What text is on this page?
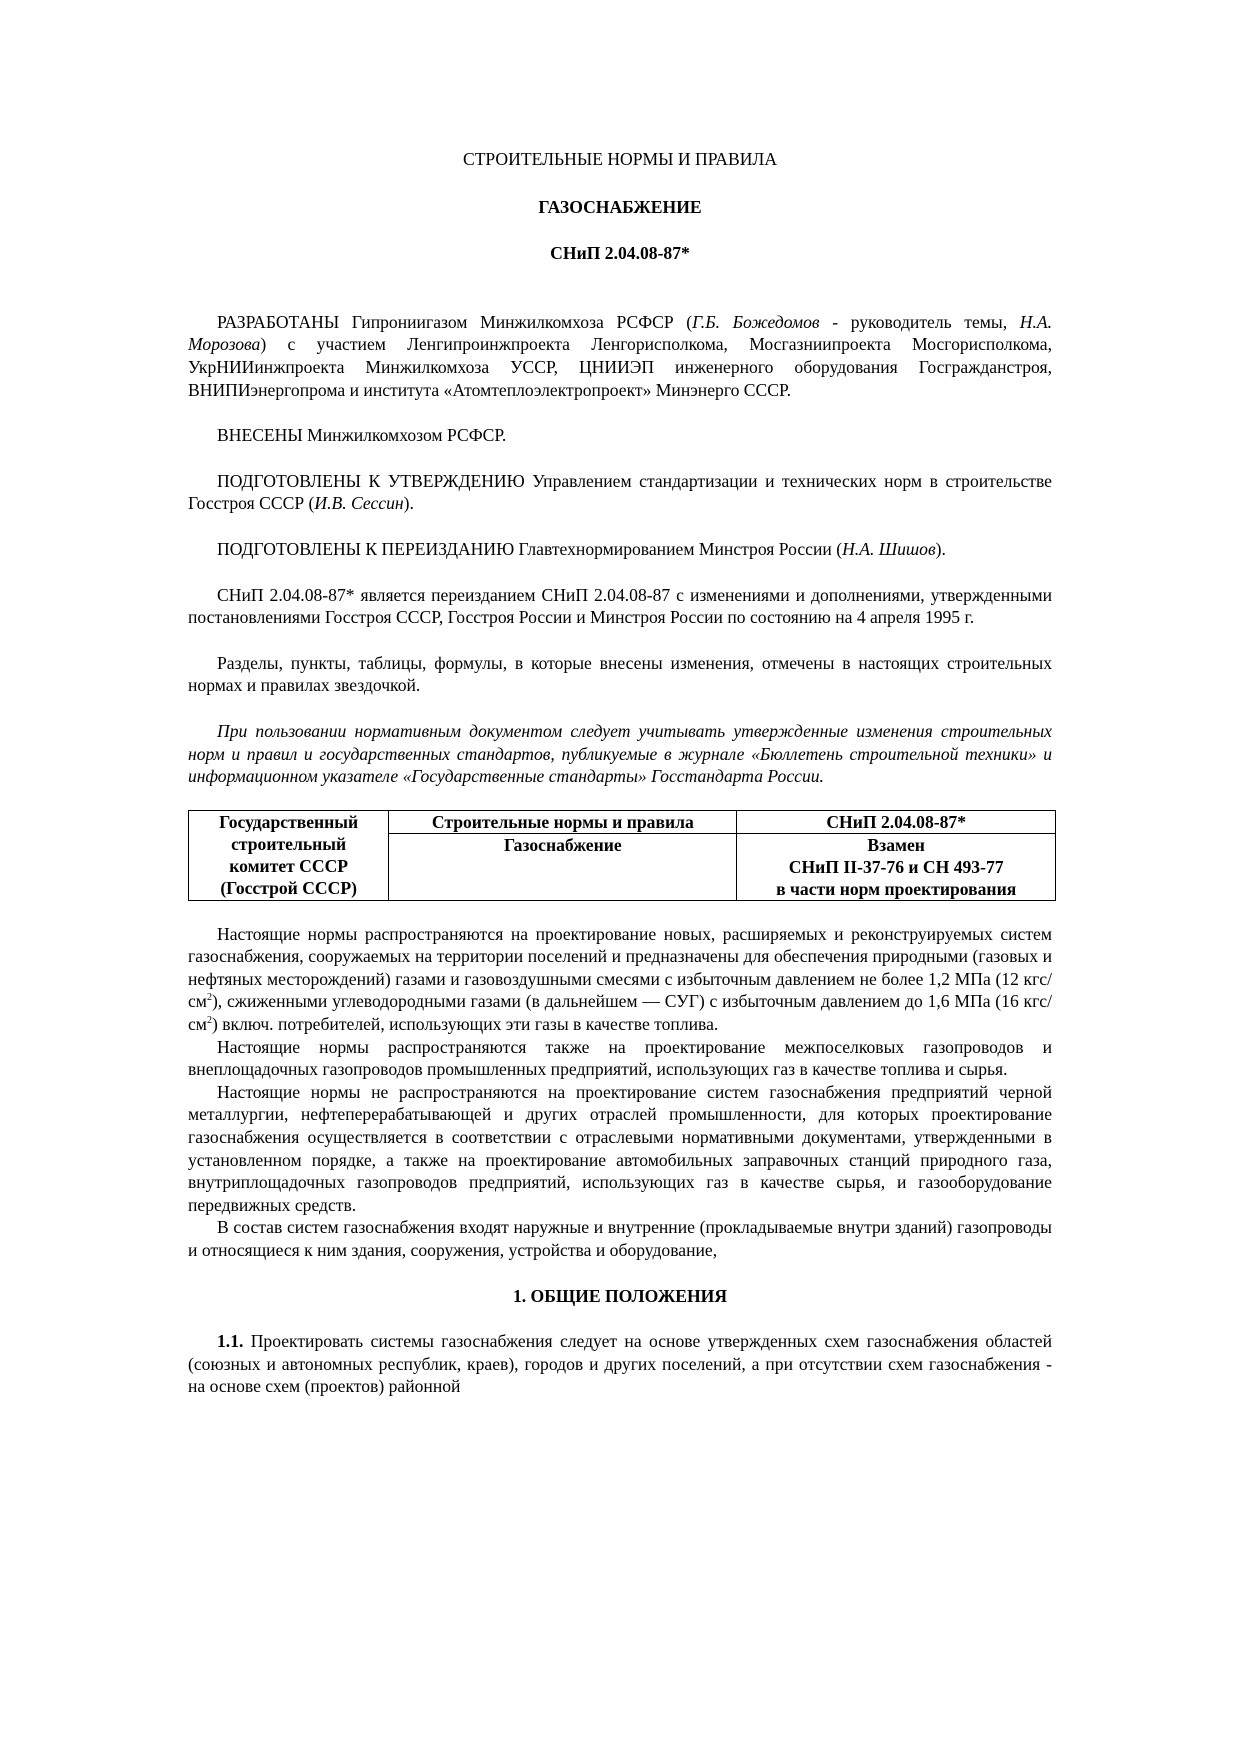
СТРОИТЕЛЬНЫЕ НОРМЫ И ПРАВИЛА
ГАЗОСНАБЖЕНИЕ
СНиП 2.04.08-87*

РАЗРАБОТАНЫ Гипрониигазом Минжилкомхоза РСФСР (Г.Б. Божедомов - руководитель темы, Н.А. Морозова) с участием Ленгипроинжпроекта Ленгорисполкома, Мосгазниипроекта Мосгорисполкома, УкрНИИинжпроекта Минжилкомхоза УССР, ЦНИИЭП инженерного оборудования Госгражданстроя, ВНИПИэнергопрома и института «Атомтеплоэлектропроект» Минэнерго СССР.

ВНЕСЕНЫ Минжилкомхозом РСФСР.

ПОДГОТОВЛЕНЫ К УТВЕРЖДЕНИЮ Управлением стандартизации и технических норм в строительстве Госстроя СССР (И.В. Сессин).

ПОДГОТОВЛЕНЫ К ПЕРЕИЗДАНИЮ Главтехнормированием Минстроя России (Н.А. Шишов).

СНиП 2.04.08-87* является переизданием СНиП 2.04.08-87 с изменениями и дополнениями, утвержденными постановлениями Госстроя СССР, Госстроя России и Минстроя России по состоянию на 4 апреля 1995 г.

Разделы, пункты, таблицы, формулы, в которые внесены изменения, отмечены в настоящих строительных нормах и правилах звездочкой.

При пользовании нормативным документом следует учитывать утвержденные изменения строительных норм и правил и государственных стандартов, публикуемые в журнале «Бюллетень строительной техники» и информационном указателе «Государственные стандарты» Госстандарта России.

Государственный
строительный
комитет СССР
(Госстрой СССР)	Строительные нормы и правила	СНиП 2.04.08-87*
	Газоснабжение	Взамен
СНиП II-37-76 и СН 493-77
в части норм проектирования

Настоящие нормы распространяются на проектирование новых, расширяемых и реконструируемых систем газоснабжения, сооружаемых на территории поселений и предназначены для обеспечения природными (газовых и нефтяных месторождений) газами и газовоздушными смесями с избыточным давлением не более 1,2 МПа (12 кгс/$см^2$), сжиженными углеводородными газами (в дальнейшем — СУГ) с избыточным давлением до 1,6 МПа (16 кгс/$см^2$) включ. потребителей, использующих эти газы в качестве топлива.

Настоящие нормы распространяются также на проектирование межпоселковых газопроводов и внеплощадочных газопроводов промышленных предприятий, использующих газ в качестве топлива и сырья.

Настоящие нормы не распространяются на проектирование систем газоснабжения предприятий черной металлургии, нефтеперерабатывающей и других отраслей промышленности, для которых проектирование газоснабжения осуществляется в соответствии с отраслевыми нормативными документами, утвержденными в установленном порядке, а также на проектирование автомобильных заправочных станций природного газа, внутриплощадочных газопроводов предприятий, использующих газ в качестве сырья, и газооборудование передвижных средств.

В состав систем газоснабжения входят наружные и внутренние (прокладываемые внутри зданий) газопроводы и относящиеся к ним здания, сооружения, устройства и оборудование,

1. ОБЩИЕ ПОЛОЖЕНИЯ

1.1. Проектировать системы газоснабжения следует на основе утвержденных схем газоснабжения областей (союзных и автономных республик, краев), городов и других поселений, а при отсутствии схем газоснабжения - на основе схем (проектов) районной
